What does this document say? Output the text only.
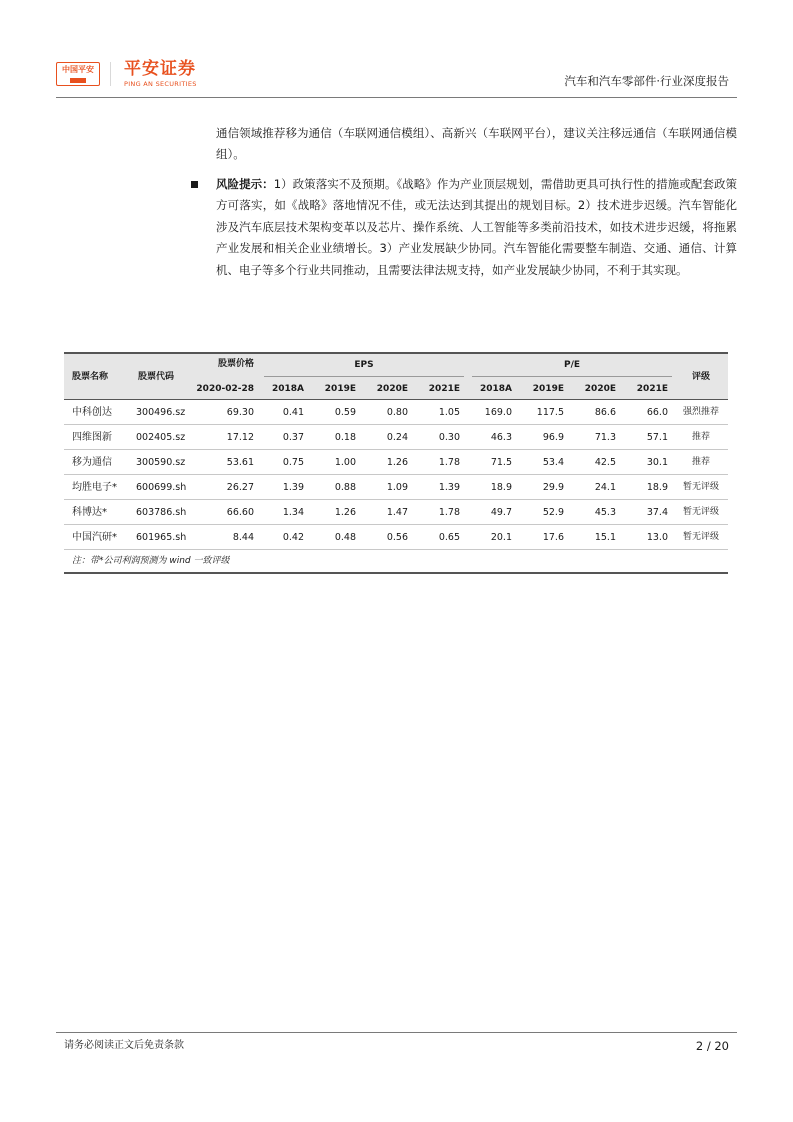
中国平安 平安证券
PING AN SECURITIES	汽车和汽车零部件·行业深度报告
通信领域推荐移为通信（车联网通信模组）、高新兴（车联网平台），建议关注移远通信（车联网通信模组）。
风险提示：1）政策落实不及预期。《战略》作为产业顶层规划，需借助更具可执行性的措施或配套政策方可落实，如《战略》落地情况不佳，或无法达到其提出的规划目标。2）技术进步迟缓。汽车智能化涉及汽车底层技术架构变革以及芯片、操作系统、人工智能等多类前沿技术，如技术进步迟缓，将拖累产业发展和相关企业业绩增长。3）产业发展缺少协同。汽车智能化需要整车制造、交通、通信、计算机、电子等多个行业共同推动，且需要法律法规支持，如产业发展缺少协同，不利于其实现。
股票名称	股票代码
股票价格
2020-02-28
EPS	P/E
2018A	2019E	2020E	2021E	2018A	2019E	2020E	2021E
评级
中科创达	300496.sz	69.30	0.41	0.59	0.80	1.05	169.0	117.5	86.6	66.0	强烈推荐
四维图新	002405.sz	17.12	0.37	0.18	0.24	0.30	46.3	96.9	71.3	57.1	推荐
移为通信	300590.sz	53.61	0.75	1.00	1.26	1.78	71.5	53.4	42.5	30.1	推荐
均胜电子*	600699.sh	26.27	1.39	0.88	1.09	1.39	18.9	29.9	24.1	18.9	暂无评级
科博达*	603786.sh	66.60	1.34	1.26	1.47	1.78	49.7	52.9	45.3	37.4	暂无评级
中国汽研*	601965.sh	8.44	0.42	0.48	0.56	0.65	20.1	17.6	15.1	13.0	暂无评级
注：带*公司利润预测为 wind 一致评级
请务必阅读正文后免责条款	2 / 20
